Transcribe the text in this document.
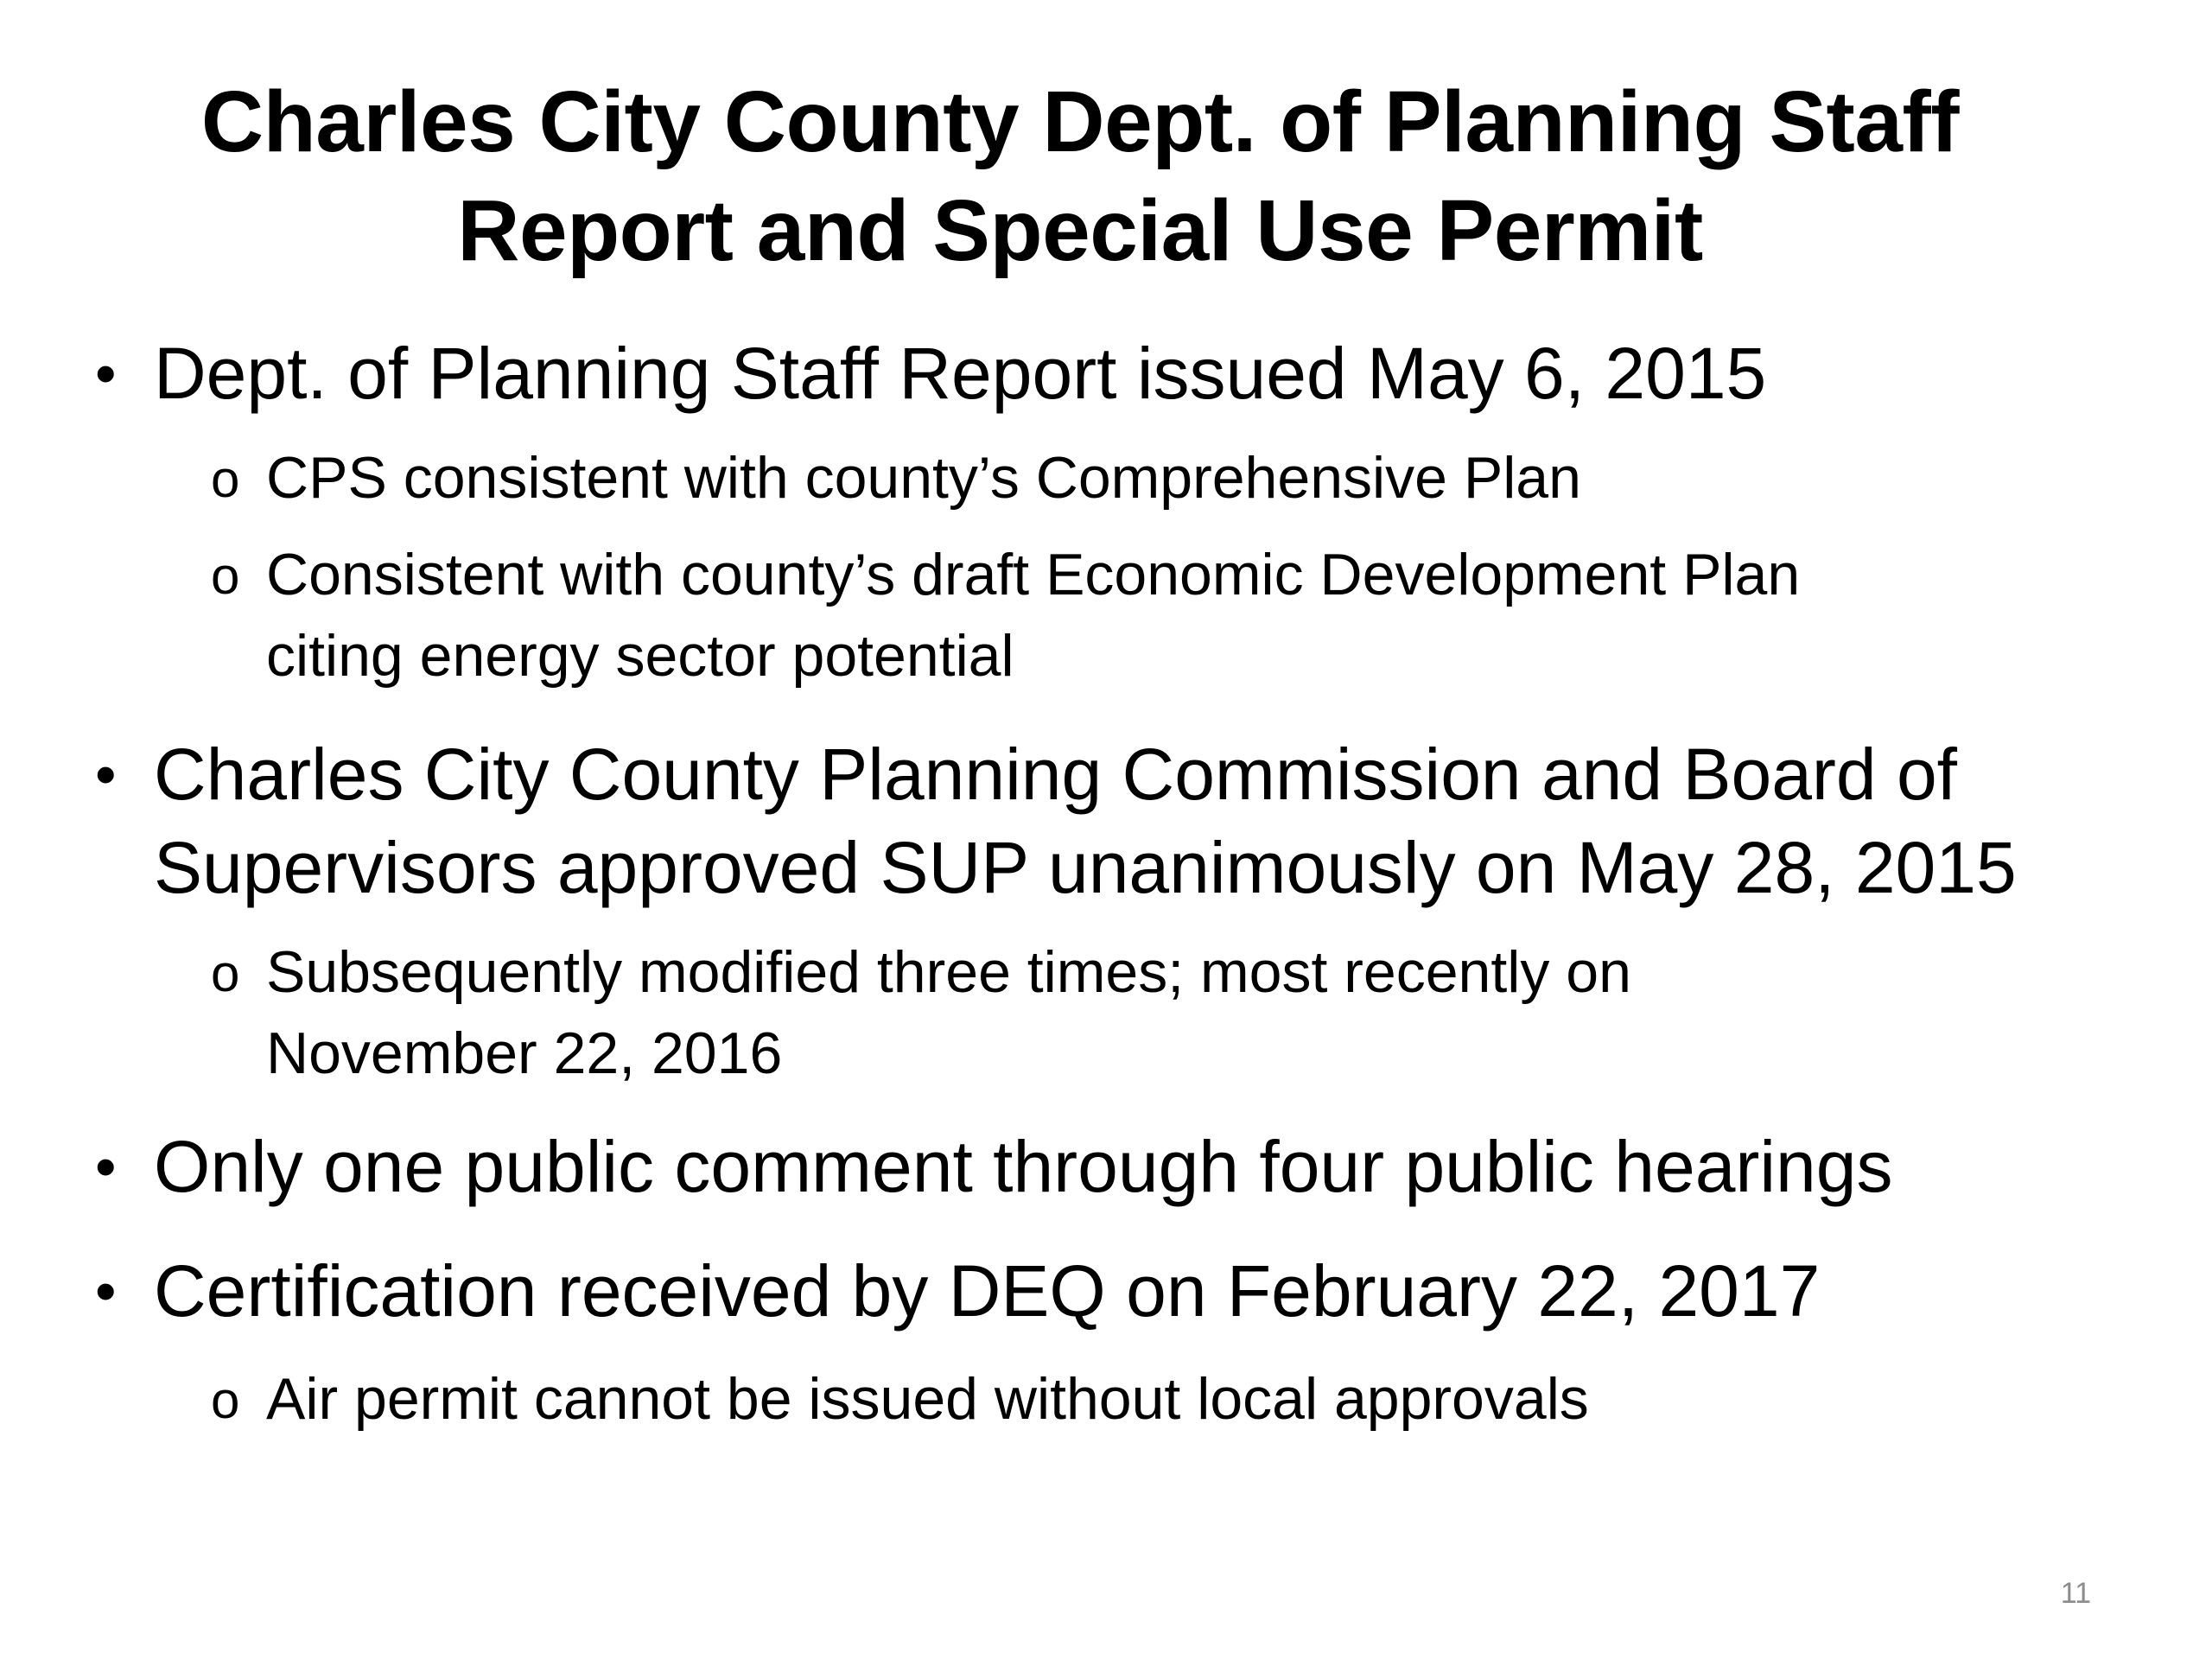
Charles City County Dept. of Planning Staff
Report and Special Use Permit
• Dept. of Planning Staff Report issued May 6, 2015
o CPS consistent with county’s Comprehensive Plan
o Consistent with county’s draft Economic Development Plan
citing energy sector potential
• Charles City County Planning Commission and Board of
Supervisors approved SUP unanimously on May 28, 2015
o Subsequently modified three times; most recently on
November 22, 2016
• Only one public comment through four public hearings
• Certification received by DEQ on February 22, 2017
o Air permit cannot be issued without local approvals
11
